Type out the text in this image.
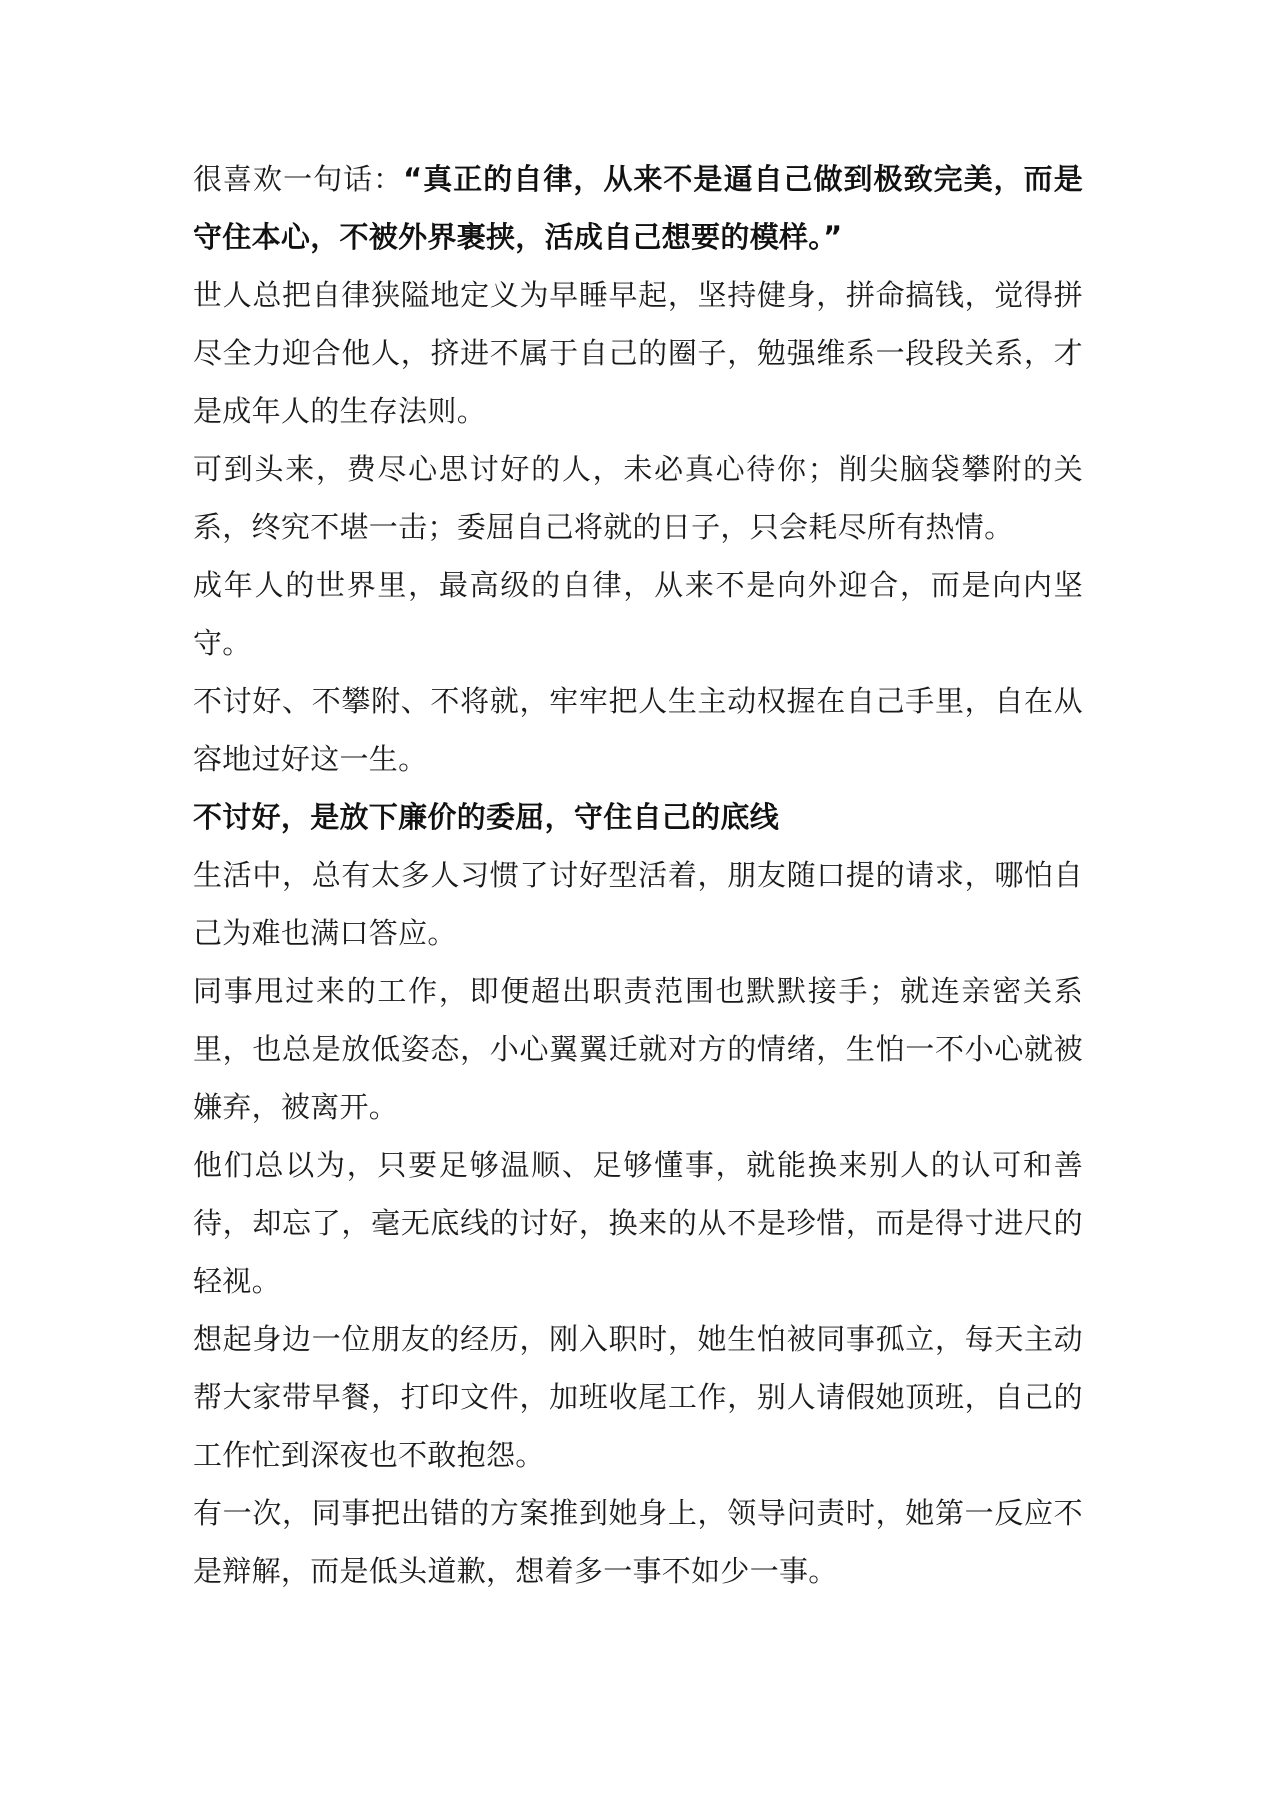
很喜欢一句话：“真正的自律，从来不是逼自己做到极致完美，而是守住本心，不被外界裹挟，活成自己想要的模样。”

世人总把自律狭隘地定义为早睡早起，坚持健身，拼命搞钱，觉得拼尽全力迎合他人，挤进不属于自己的圈子，勉强维系一段段关系，才是成年人的生存法则。

可到头来，费尽心思讨好的人，未必真心待你；削尖脑袋攀附的关系，终究不堪一击；委屈自己将就的日子，只会耗尽所有热情。

成年人的世界里，最高级的自律，从来不是向外迎合，而是向内坚守。

不讨好、不攀附、不将就，牢牢把人生主动权握在自己手里，自在从容地过好这一生。

不讨好，是放下廉价的委屈，守住自己的底线

生活中，总有太多人习惯了讨好型活着，朋友随口提的请求，哪怕自己为难也满口答应。

同事甩过来的工作，即便超出职责范围也默默接手；就连亲密关系里，也总是放低姿态，小心翼翼迁就对方的情绪，生怕一不小心就被嫌弃，被离开。

他们总以为，只要足够温顺、足够懂事，就能换来别人的认可和善待，却忘了，毫无底线的讨好，换来的从不是珍惜，而是得寸进尺的轻视。

想起身边一位朋友的经历，刚入职时，她生怕被同事孤立，每天主动帮大家带早餐，打印文件，加班收尾工作，别人请假她顶班，自己的工作忙到深夜也不敢抱怨。

有一次，同事把出错的方案推到她身上，领导问责时，她第一反应不是辩解，而是低头道歉，想着多一事不如少一事。
